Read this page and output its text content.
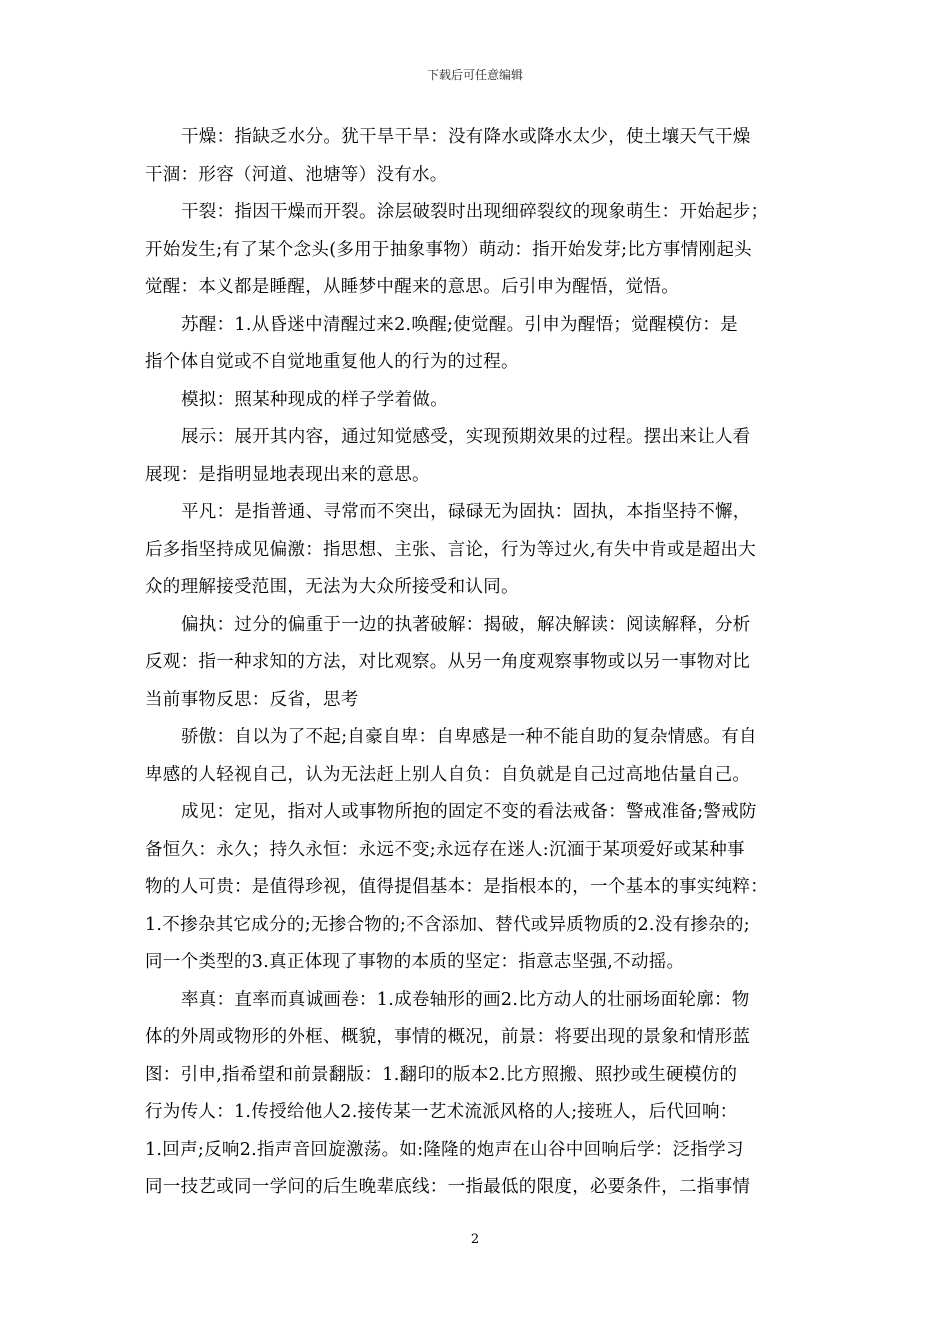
下载后可任意编辑
干燥：指缺乏水分。犹干旱干旱：没有降水或降水太少，使土壤天气干燥
干涸：形容（河道、池塘等）没有水。
干裂：指因干燥而开裂。涂层破裂时出现细碎裂纹的现象萌生：开始起步；
开始发生;有了某个念头(多用于抽象事物）萌动：指开始发芽;比方事情刚起头
觉醒：本义都是睡醒，从睡梦中醒来的意思。后引申为醒悟，觉悟。
苏醒：1.从昏迷中清醒过来2.唤醒;使觉醒。引申为醒悟；觉醒模仿：是
指个体自觉或不自觉地重复他人的行为的过程。
模拟：照某种现成的样子学着做。
展示：展开其内容，通过知觉感受，实现预期效果的过程。摆出来让人看
展现：是指明显地表现出来的意思。
平凡：是指普通、寻常而不突出，碌碌无为固执：固执，本指坚持不懈，
后多指坚持成见偏激：指思想、主张、言论，行为等过火,有失中肯或是超出大
众的理解接受范围，无法为大众所接受和认同。
偏执：过分的偏重于一边的执著破解：揭破，解决解读：阅读解释，分析
反观：指一种求知的方法，对比观察。从另一角度观察事物或以另一事物对比
当前事物反思：反省，思考
骄傲：自以为了不起;自豪自卑：自卑感是一种不能自助的复杂情感。有自
卑感的人轻视自己，认为无法赶上别人自负：自负就是自己过高地估量自己。
成见：定见，指对人或事物所抱的固定不变的看法戒备：警戒准备;警戒防
备恒久：永久；持久永恒：永远不变;永远存在迷人:沉湎于某项爱好或某种事
物的人可贵：是值得珍视，值得提倡基本：是指根本的，一个基本的事实纯粹：
1.不掺杂其它成分的;无掺合物的;不含添加、替代或异质物质的2.没有掺杂的;
同一个类型的3.真正体现了事物的本质的坚定：指意志坚强,不动摇。
率真：直率而真诚画卷：1.成卷轴形的画2.比方动人的壮丽场面轮廓：物
体的外周或物形的外框、概貌，事情的概况，前景：将要出现的景象和情形蓝
图：引申,指希望和前景翻版：1.翻印的版本2.比方照搬、照抄或生硬模仿的
行为传人：1.传授给他人2.接传某一艺术流派风格的人;接班人，后代回响：
1.回声;反响2.指声音回旋激荡。如:隆隆的炮声在山谷中回响后学：泛指学习
同一技艺或同一学问的后生晚辈底线：一指最低的限度，必要条件，二指事情
2
